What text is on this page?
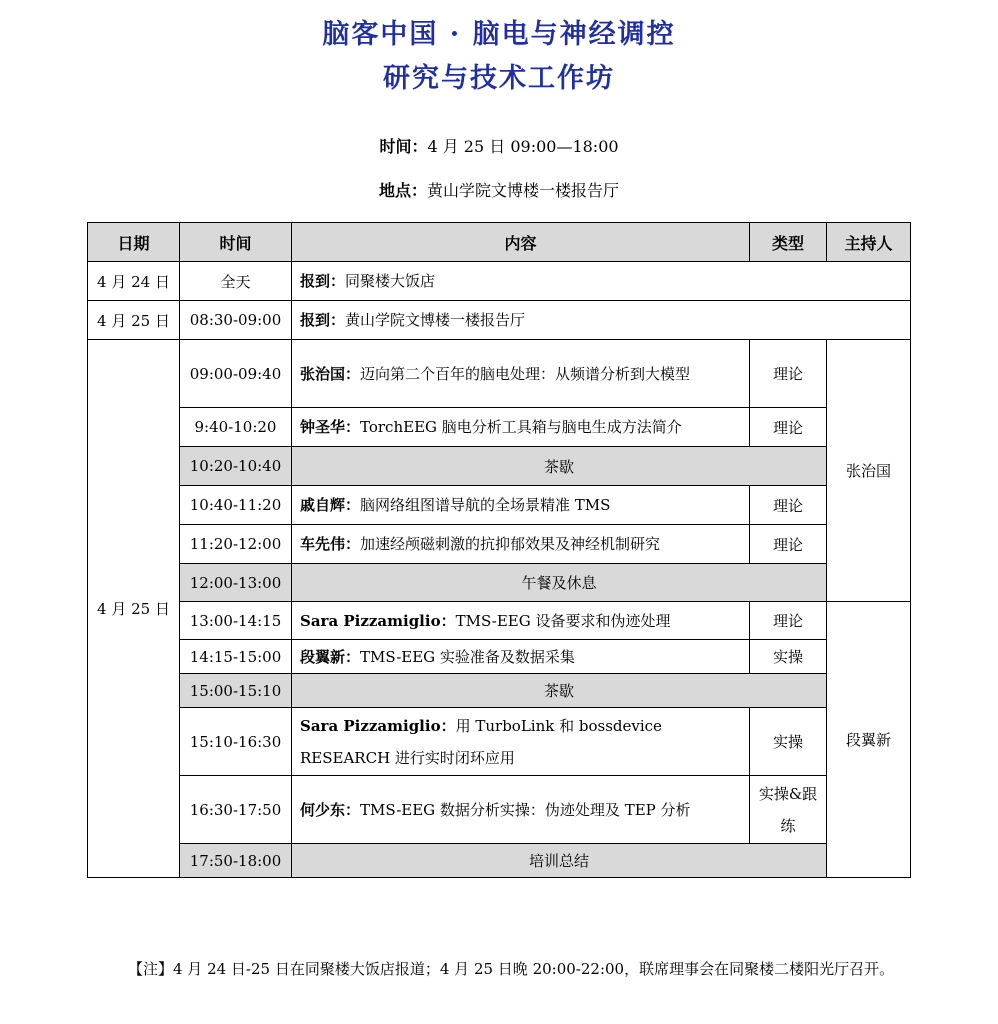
脑客中国 · 脑电与神经调控
研究与技术工作坊
时间：4 月 25 日 09:00—18:00
地点：黄山学院文博楼一楼报告厅
日期	时间	内容	类型	主持人
4 月 24 日	全天	报到：同聚楼大饭店		
4 月 25 日	08:30-09:00	报到：黄山学院文博楼一楼报告厅		
4 月 25 日	09:00-09:40	张治国：迈向第二个百年的脑电处理：从频谱分析到大模型	理论	张治国
	9:40-10:20	钟圣华：TorchEEG 脑电分析工具箱与脑电生成方法简介	理论	
	10:20-10:40	茶歇		
	10:40-11:20	戚自辉：脑网络组图谱导航的全场景精准 TMS	理论	
	11:20-12:00	车先伟：加速经颅磁刺激的抗抑郁效果及神经机制研究	理论	
	12:00-13:00	午餐及休息		
	13:00-14:15	Sara Pizzamiglio：TMS-EEG 设备要求和伪迹处理	理论	段翼新
	14:15-15:00	段翼新：TMS-EEG 实验准备及数据采集	实操	
	15:00-15:10	茶歇		
	15:10-16:30	Sara Pizzamiglio：用 TurboLink 和 bossdevice RESEARCH 进行实时闭环应用	实操	
	16:30-17:50	何少东：TMS-EEG 数据分析实操：伪迹处理及 TEP 分析	实操&跟练	
	17:50-18:00	培训总结		
【注】4 月 24 日-25 日在同聚楼大饭店报道；4 月 25 日晚 20:00-22:00，联席理事会在同聚楼二楼阳光厅召开。
